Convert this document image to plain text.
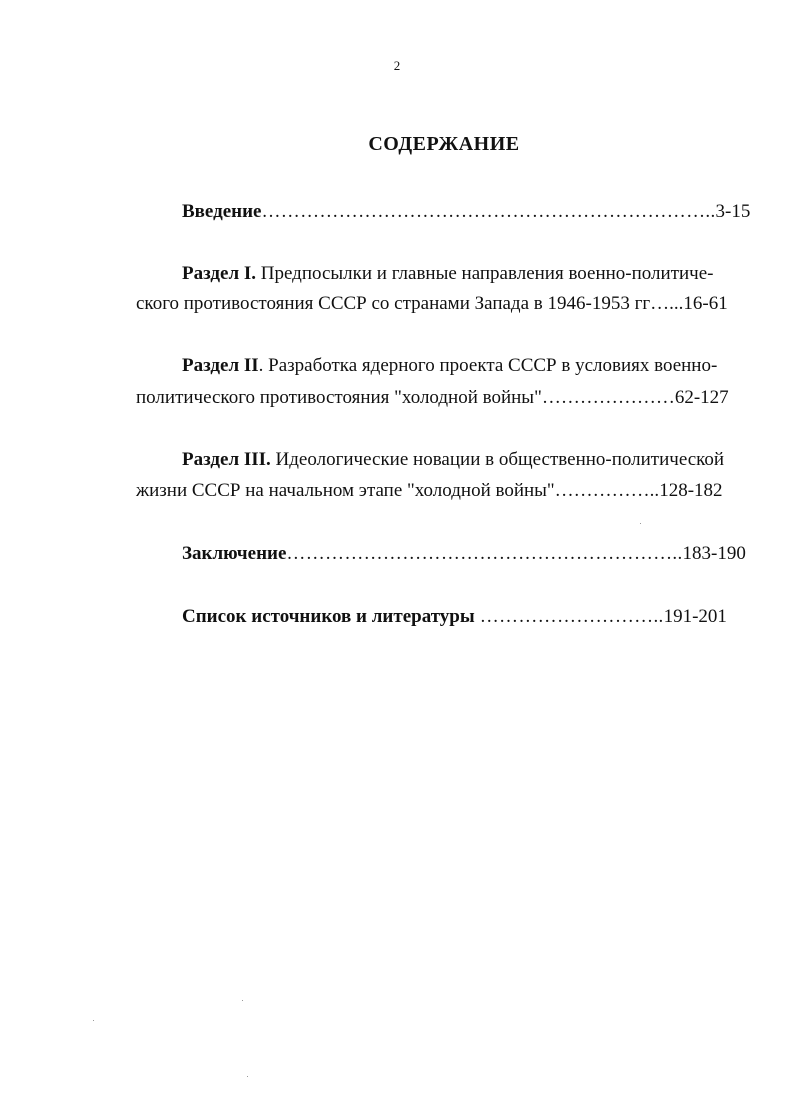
2
СОДЕРЖАНИЕ
Введение……………………………………………………………..3-15
Раздел I. Предпосылки и главные направления военно-политиче-
ского противостояния СССР со странами Запада в 1946-1953 гг…...16-61
Раздел II. Разработка ядерного проекта СССР в условиях военно-
политического противостояния "холодной войны"…………………62-127
Раздел III. Идеологические новации в общественно-политической
жизни СССР на начальном этапе "холодной войны"……………..128-182
Заключение……………………………………………………..183-190
Список источников и литературы ………………………..191-201
